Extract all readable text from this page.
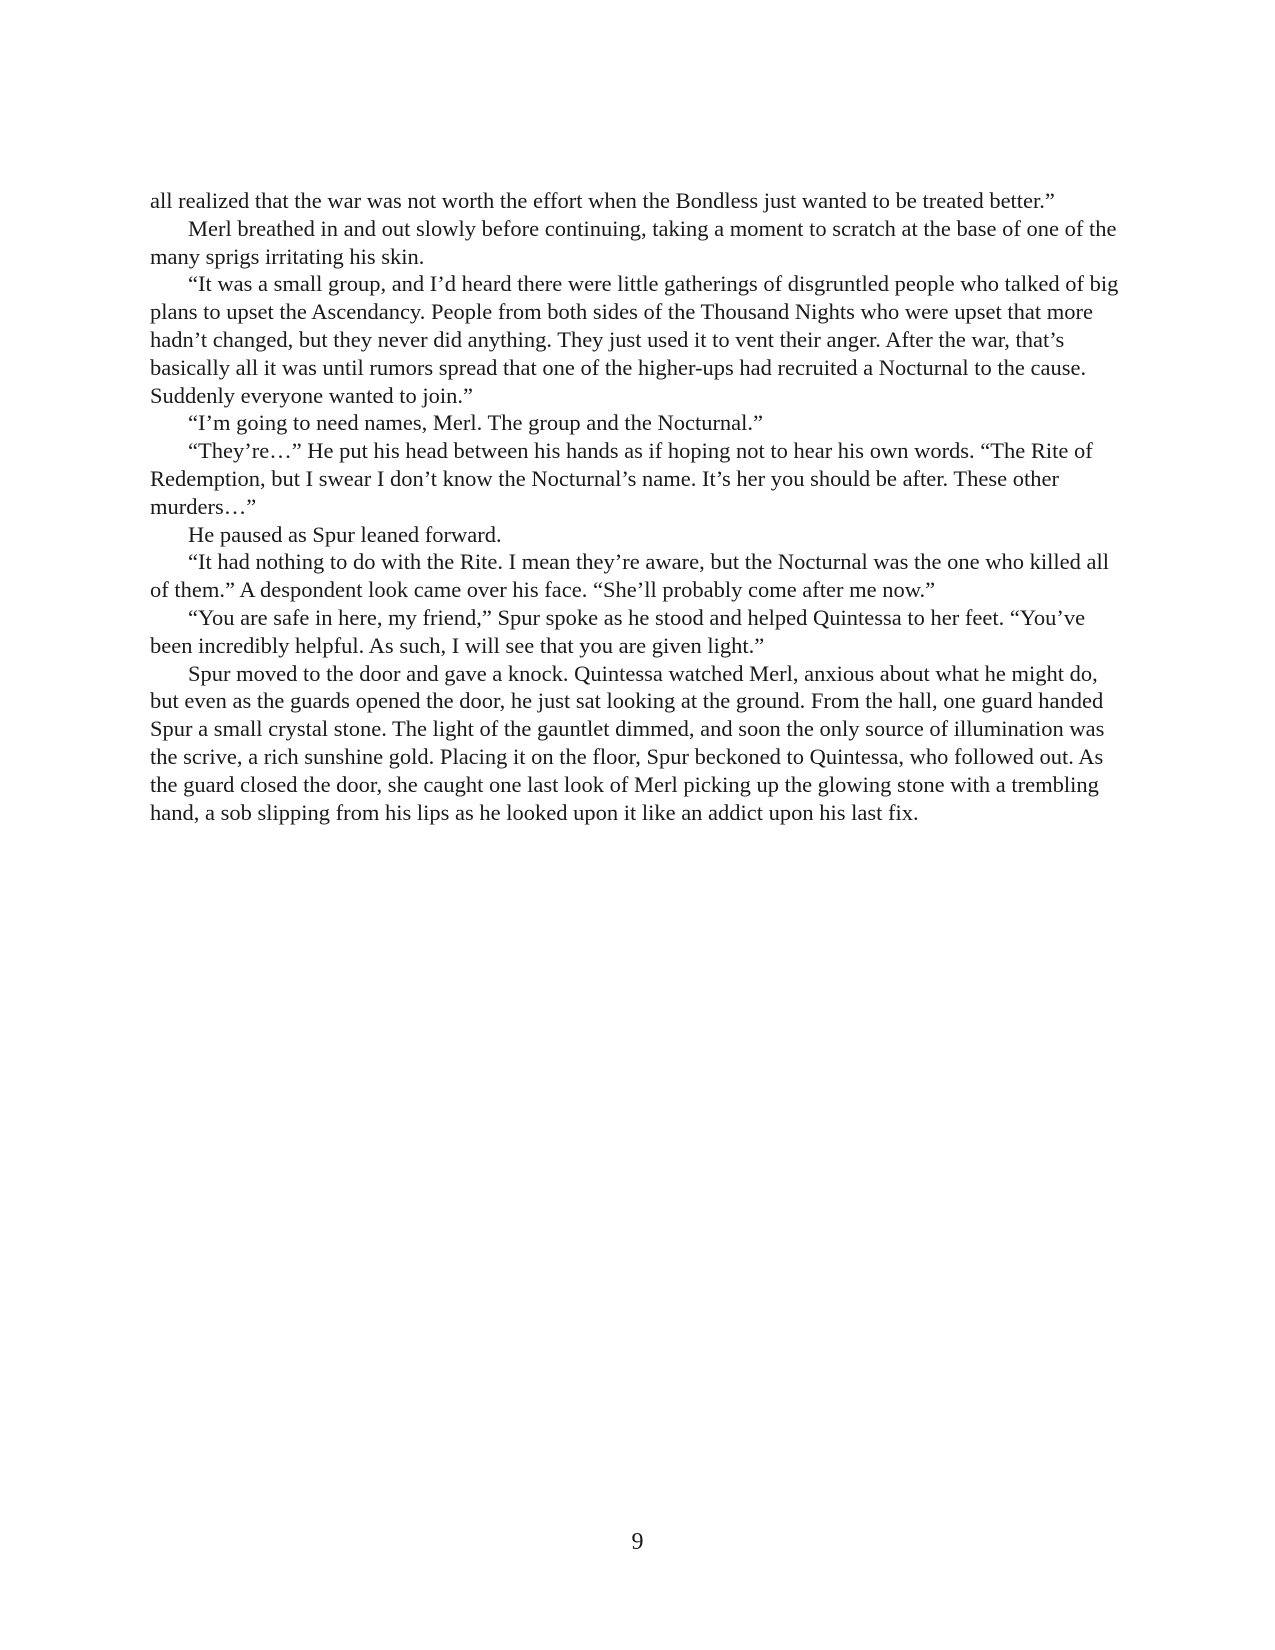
all realized that the war was not worth the effort when the Bondless just wanted to be treated better.”

Merl breathed in and out slowly before continuing, taking a moment to scratch at the base of one of the many sprigs irritating his skin.

“It was a small group, and I’d heard there were little gatherings of disgruntled people who talked of big plans to upset the Ascendancy. People from both sides of the Thousand Nights who were upset that more hadn’t changed, but they never did anything. They just used it to vent their anger. After the war, that’s basically all it was until rumors spread that one of the higher-ups had recruited a Nocturnal to the cause. Suddenly everyone wanted to join.”

“I’m going to need names, Merl. The group and the Nocturnal.”

“They’re…” He put his head between his hands as if hoping not to hear his own words. “The Rite of Redemption, but I swear I don’t know the Nocturnal’s name. It’s her you should be after. These other murders…”

He paused as Spur leaned forward.

“It had nothing to do with the Rite. I mean they’re aware, but the Nocturnal was the one who killed all of them.” A despondent look came over his face. “She’ll probably come after me now.”

“You are safe in here, my friend,” Spur spoke as he stood and helped Quintessa to her feet. “You’ve been incredibly helpful. As such, I will see that you are given light.”

Spur moved to the door and gave a knock. Quintessa watched Merl, anxious about what he might do, but even as the guards opened the door, he just sat looking at the ground. From the hall, one guard handed Spur a small crystal stone. The light of the gauntlet dimmed, and soon the only source of illumination was the scrive, a rich sunshine gold. Placing it on the floor, Spur beckoned to Quintessa, who followed out. As the guard closed the door, she caught one last look of Merl picking up the glowing stone with a trembling hand, a sob slipping from his lips as he looked upon it like an addict upon his last fix.

9
